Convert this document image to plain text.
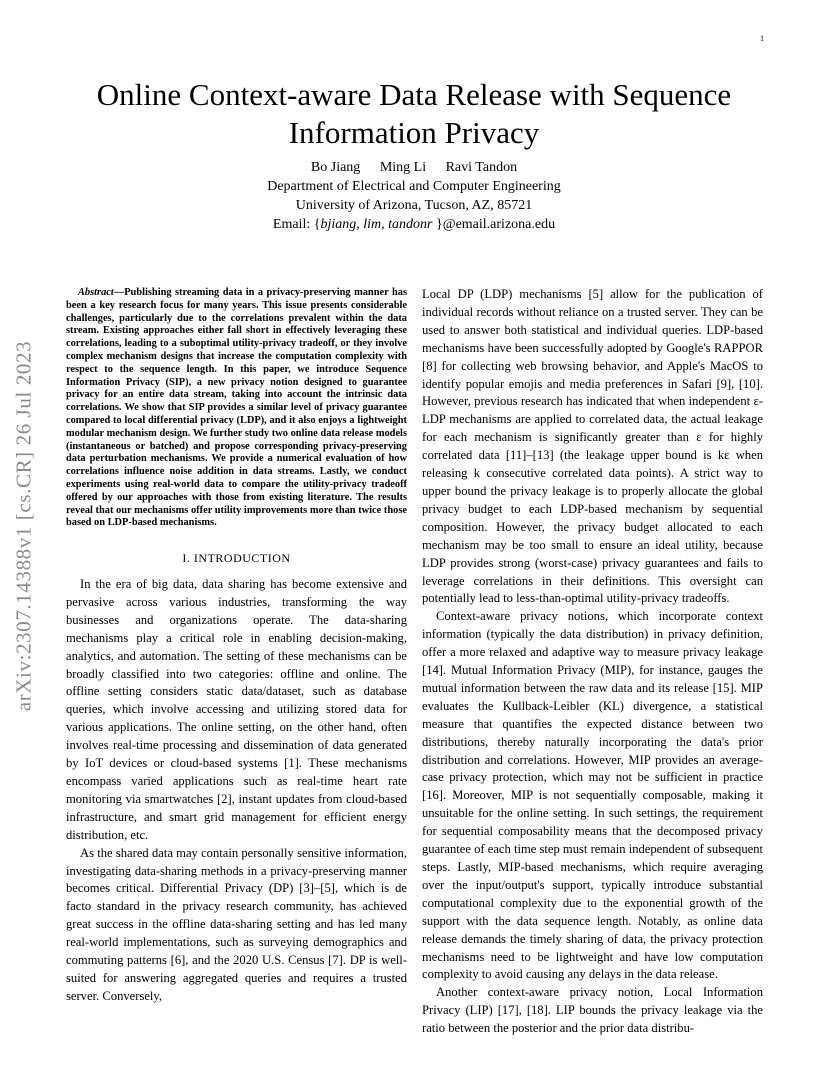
1
Online Context-aware Data Release with Sequence Information Privacy
Bo Jiang Ming Li Ravi Tandon
Department of Electrical and Computer Engineering
University of Arizona, Tucson, AZ, 85721
Email: {bjiang, lim, tandonr }@email.arizona.edu
arXiv:2307.14388v1 [cs.CR] 26 Jul 2023

Abstract—Publishing streaming data in a privacy-preserving manner has been a key research focus for many years. This issue presents considerable challenges, particularly due to the correlations prevalent within the data stream. Existing approaches either fall short in effectively leveraging these correlations, leading to a suboptimal utility-privacy tradeoff, or they involve complex mechanism designs that increase the computation complexity with respect to the sequence length. In this paper, we introduce Sequence Information Privacy (SIP), a new privacy notion designed to guarantee privacy for an entire data stream, taking into account the intrinsic data correlations. We show that SIP provides a similar level of privacy guarantee compared to local differential privacy (LDP), and it also enjoys a lightweight modular mechanism design. We further study two online data release models (instantaneous or batched) and propose corresponding privacy-preserving data perturbation mechanisms. We provide a numerical evaluation of how correlations influence noise addition in data streams. Lastly, we conduct experiments using real-world data to compare the utility-privacy tradeoff offered by our approaches with those from existing literature. The results reveal that our mechanisms offer utility improvements more than twice those based on LDP-based mechanisms.

I. INTRODUCTION

In the era of big data, data sharing has become extensive and pervasive across various industries, transforming the way businesses and organizations operate. The data-sharing mechanisms play a critical role in enabling decision-making, analytics, and automation. The setting of these mechanisms can be broadly classified into two categories: offline and online. The offline setting considers static data/dataset, such as database queries, which involve accessing and utilizing stored data for various applications. The online setting, on the other hand, often involves real-time processing and dissemination of data generated by IoT devices or cloud-based systems [1]. These mechanisms encompass varied applications such as real-time heart rate monitoring via smartwatches [2], instant updates from cloud-based infrastructure, and smart grid management for efficient energy distribution, etc.

As the shared data may contain personally sensitive information, investigating data-sharing methods in a privacy-preserving manner becomes critical. Differential Privacy (DP) [3]–[5], which is de facto standard in the privacy research community, has achieved great success in the offline data-sharing setting and has led many real-world implementations, such as surveying demographics and commuting patterns [6], and the 2020 U.S. Census [7]. DP is well-suited for answering aggregated queries and requires a trusted server. Conversely,

Local DP (LDP) mechanisms [5] allow for the publication of individual records without reliance on a trusted server. They can be used to answer both statistical and individual queries. LDP-based mechanisms have been successfully adopted by Google's RAPPOR [8] for collecting web browsing behavior, and Apple's MacOS to identify popular emojis and media preferences in Safari [9], [10]. However, previous research has indicated that when independent ε-LDP mechanisms are applied to correlated data, the actual leakage for each mechanism is significantly greater than ε for highly correlated data [11]–[13] (the leakage upper bound is kε when releasing k consecutive correlated data points). A strict way to upper bound the privacy leakage is to properly allocate the global privacy budget to each LDP-based mechanism by sequential composition. However, the privacy budget allocated to each mechanism may be too small to ensure an ideal utility, because LDP provides strong (worst-case) privacy guarantees and fails to leverage correlations in their definitions. This oversight can potentially lead to less-than-optimal utility-privacy tradeoffs.

Context-aware privacy notions, which incorporate context information (typically the data distribution) in privacy definition, offer a more relaxed and adaptive way to measure privacy leakage [14]. Mutual Information Privacy (MIP), for instance, gauges the mutual information between the raw data and its release [15]. MIP evaluates the Kullback-Leibler (KL) divergence, a statistical measure that quantifies the expected distance between two distributions, thereby naturally incorporating the data's prior distribution and correlations. However, MIP provides an average-case privacy protection, which may not be sufficient in practice [16]. Moreover, MIP is not sequentially composable, making it unsuitable for the online setting. In such settings, the requirement for sequential composability means that the decomposed privacy guarantee of each time step must remain independent of subsequent steps. Lastly, MIP-based mechanisms, which require averaging over the input/output's support, typically introduce substantial computational complexity due to the exponential growth of the support with the data sequence length. Notably, as online data release demands the timely sharing of data, the privacy protection mechanisms need to be lightweight and have low computation complexity to avoid causing any delays in the data release.

Another context-aware privacy notion, Local Information Privacy (LIP) [17], [18]. LIP bounds the privacy leakage via the ratio between the posterior and the prior data distribu-
